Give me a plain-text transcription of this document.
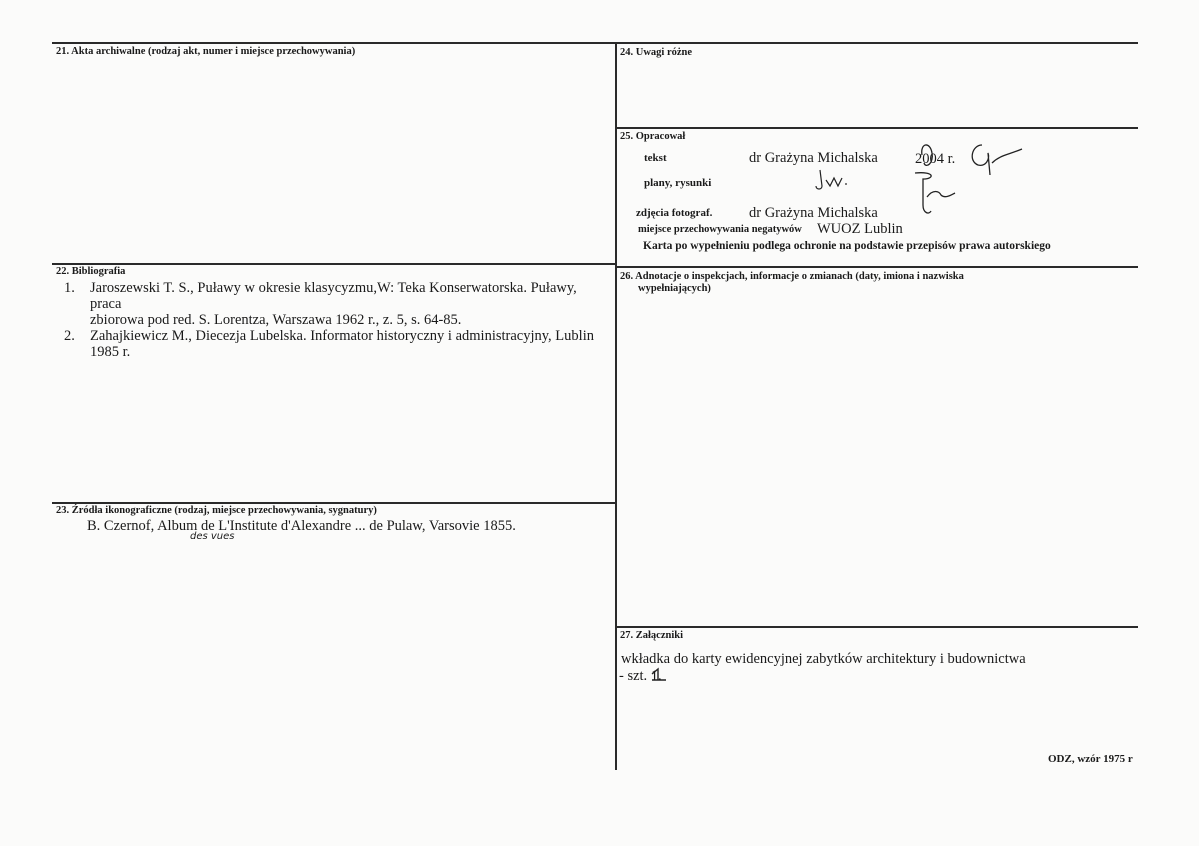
21. Akta archiwalne (rodzaj akt, numer i miejsce przechowywania)
22. Bibliografia
1. Jaroszewski T. S., Puławy w okresie klasycyzmu,W: Teka Konserwatorska. Puławy, praca
zbiorowa pod red. S. Lorentza, Warszawa 1962 r., z. 5, s. 64-85.
2. Zahajkiewicz M., Diecezja Lubelska. Informator historyczny i administracyjny, Lublin
1985 r.
23. Źródła ikonograficzne (rodzaj, miejsce przechowywania, sygnatury)
B. Czernof, Album de L'Institute d'Alexandre ... de Pulaw, Varsovie 1855.
des vues
24. Uwagi różne
25. Opracował
tekst	dr Grażyna Michalska	2004 r.
plany, rysunki
zdjęcia fotograf.	dr Grażyna Michalska
miejsce przechowywania negatywów WUOZ Lublin
Karta po wypełnieniu podlega ochronie na podstawie przepisów prawa autorskiego
26. Adnotacje o inspekcjach, informacje o zmianach (daty, imiona i nazwiska
wypełniających)
27. Załączniki
wkładka do karty ewidencyjnej zabytków architektury i budownictwa
- szt. 1.
ODZ, wzór 1975 r
